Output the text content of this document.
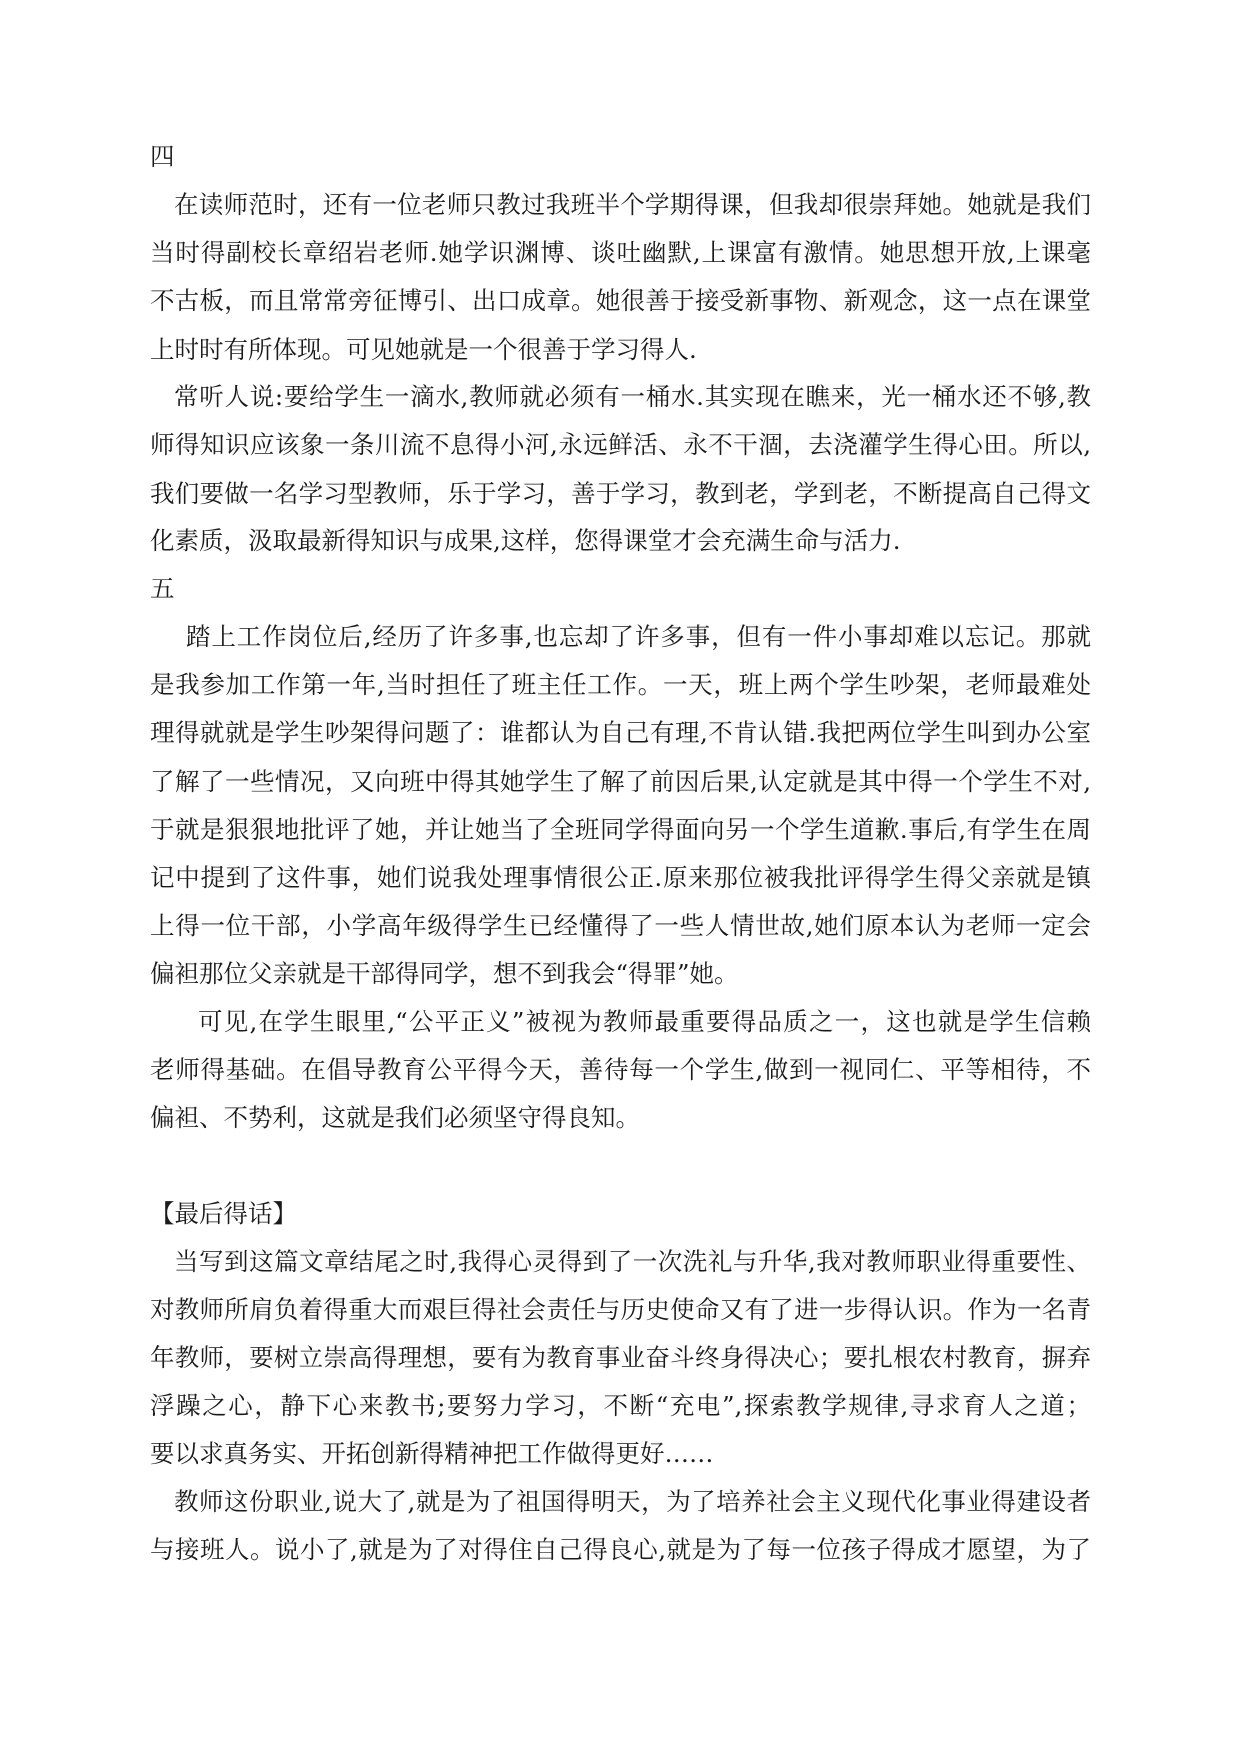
四
在读师范时，还有一位老师只教过我班半个学期得课，但我却很崇拜她。她就是我们
当时得副校长章绍岩老师.她学识渊博、谈吐幽默,上课富有激情。她思想开放,上课毫
不古板，而且常常旁征博引、出口成章。她很善于接受新事物、新观念，这一点在课堂
上时时有所体现。可见她就是一个很善于学习得人.
常听人说:要给学生一滴水,教师就必须有一桶水.其实现在瞧来，光一桶水还不够,教
师得知识应该象一条川流不息得小河,永远鲜活、永不干涸，去浇灌学生得心田。所以,
我们要做一名学习型教师，乐于学习，善于学习，教到老，学到老，不断提高自己得文
化素质，汲取最新得知识与成果,这样，您得课堂才会充满生命与活力.
五
踏上工作岗位后,经历了许多事,也忘却了许多事，但有一件小事却难以忘记。那就
是我参加工作第一年,当时担任了班主任工作。一天，班上两个学生吵架，老师最难处
理得就就是学生吵架得问题了：谁都认为自己有理,不肯认错.我把两位学生叫到办公室
了解了一些情况，又向班中得其她学生了解了前因后果,认定就是其中得一个学生不对,
于就是狠狠地批评了她，并让她当了全班同学得面向另一个学生道歉.事后,有学生在周
记中提到了这件事，她们说我处理事情很公正.原来那位被我批评得学生得父亲就是镇
上得一位干部，小学高年级得学生已经懂得了一些人情世故,她们原本认为老师一定会
偏袒那位父亲就是干部得同学，想不到我会“得罪”她。
可见,在学生眼里,“公平正义”被视为教师最重要得品质之一，这也就是学生信赖
老师得基础。在倡导教育公平得今天，善待每一个学生,做到一视同仁、平等相待，不
偏袒、不势利，这就是我们必须坚守得良知。
【最后得话】
当写到这篇文章结尾之时,我得心灵得到了一次洗礼与升华,我对教师职业得重要性、
对教师所肩负着得重大而艰巨得社会责任与历史使命又有了进一步得认识。作为一名青
年教师，要树立崇高得理想，要有为教育事业奋斗终身得决心；要扎根农村教育，摒弃
浮躁之心，静下心来教书;要努力学习，不断“充电”,探索教学规律,寻求育人之道；
要以求真务实、开拓创新得精神把工作做得更好……
教师这份职业,说大了,就是为了祖国得明天，为了培养社会主义现代化事业得建设者
与接班人。说小了,就是为了对得住自己得良心,就是为了每一位孩子得成才愿望，为了
